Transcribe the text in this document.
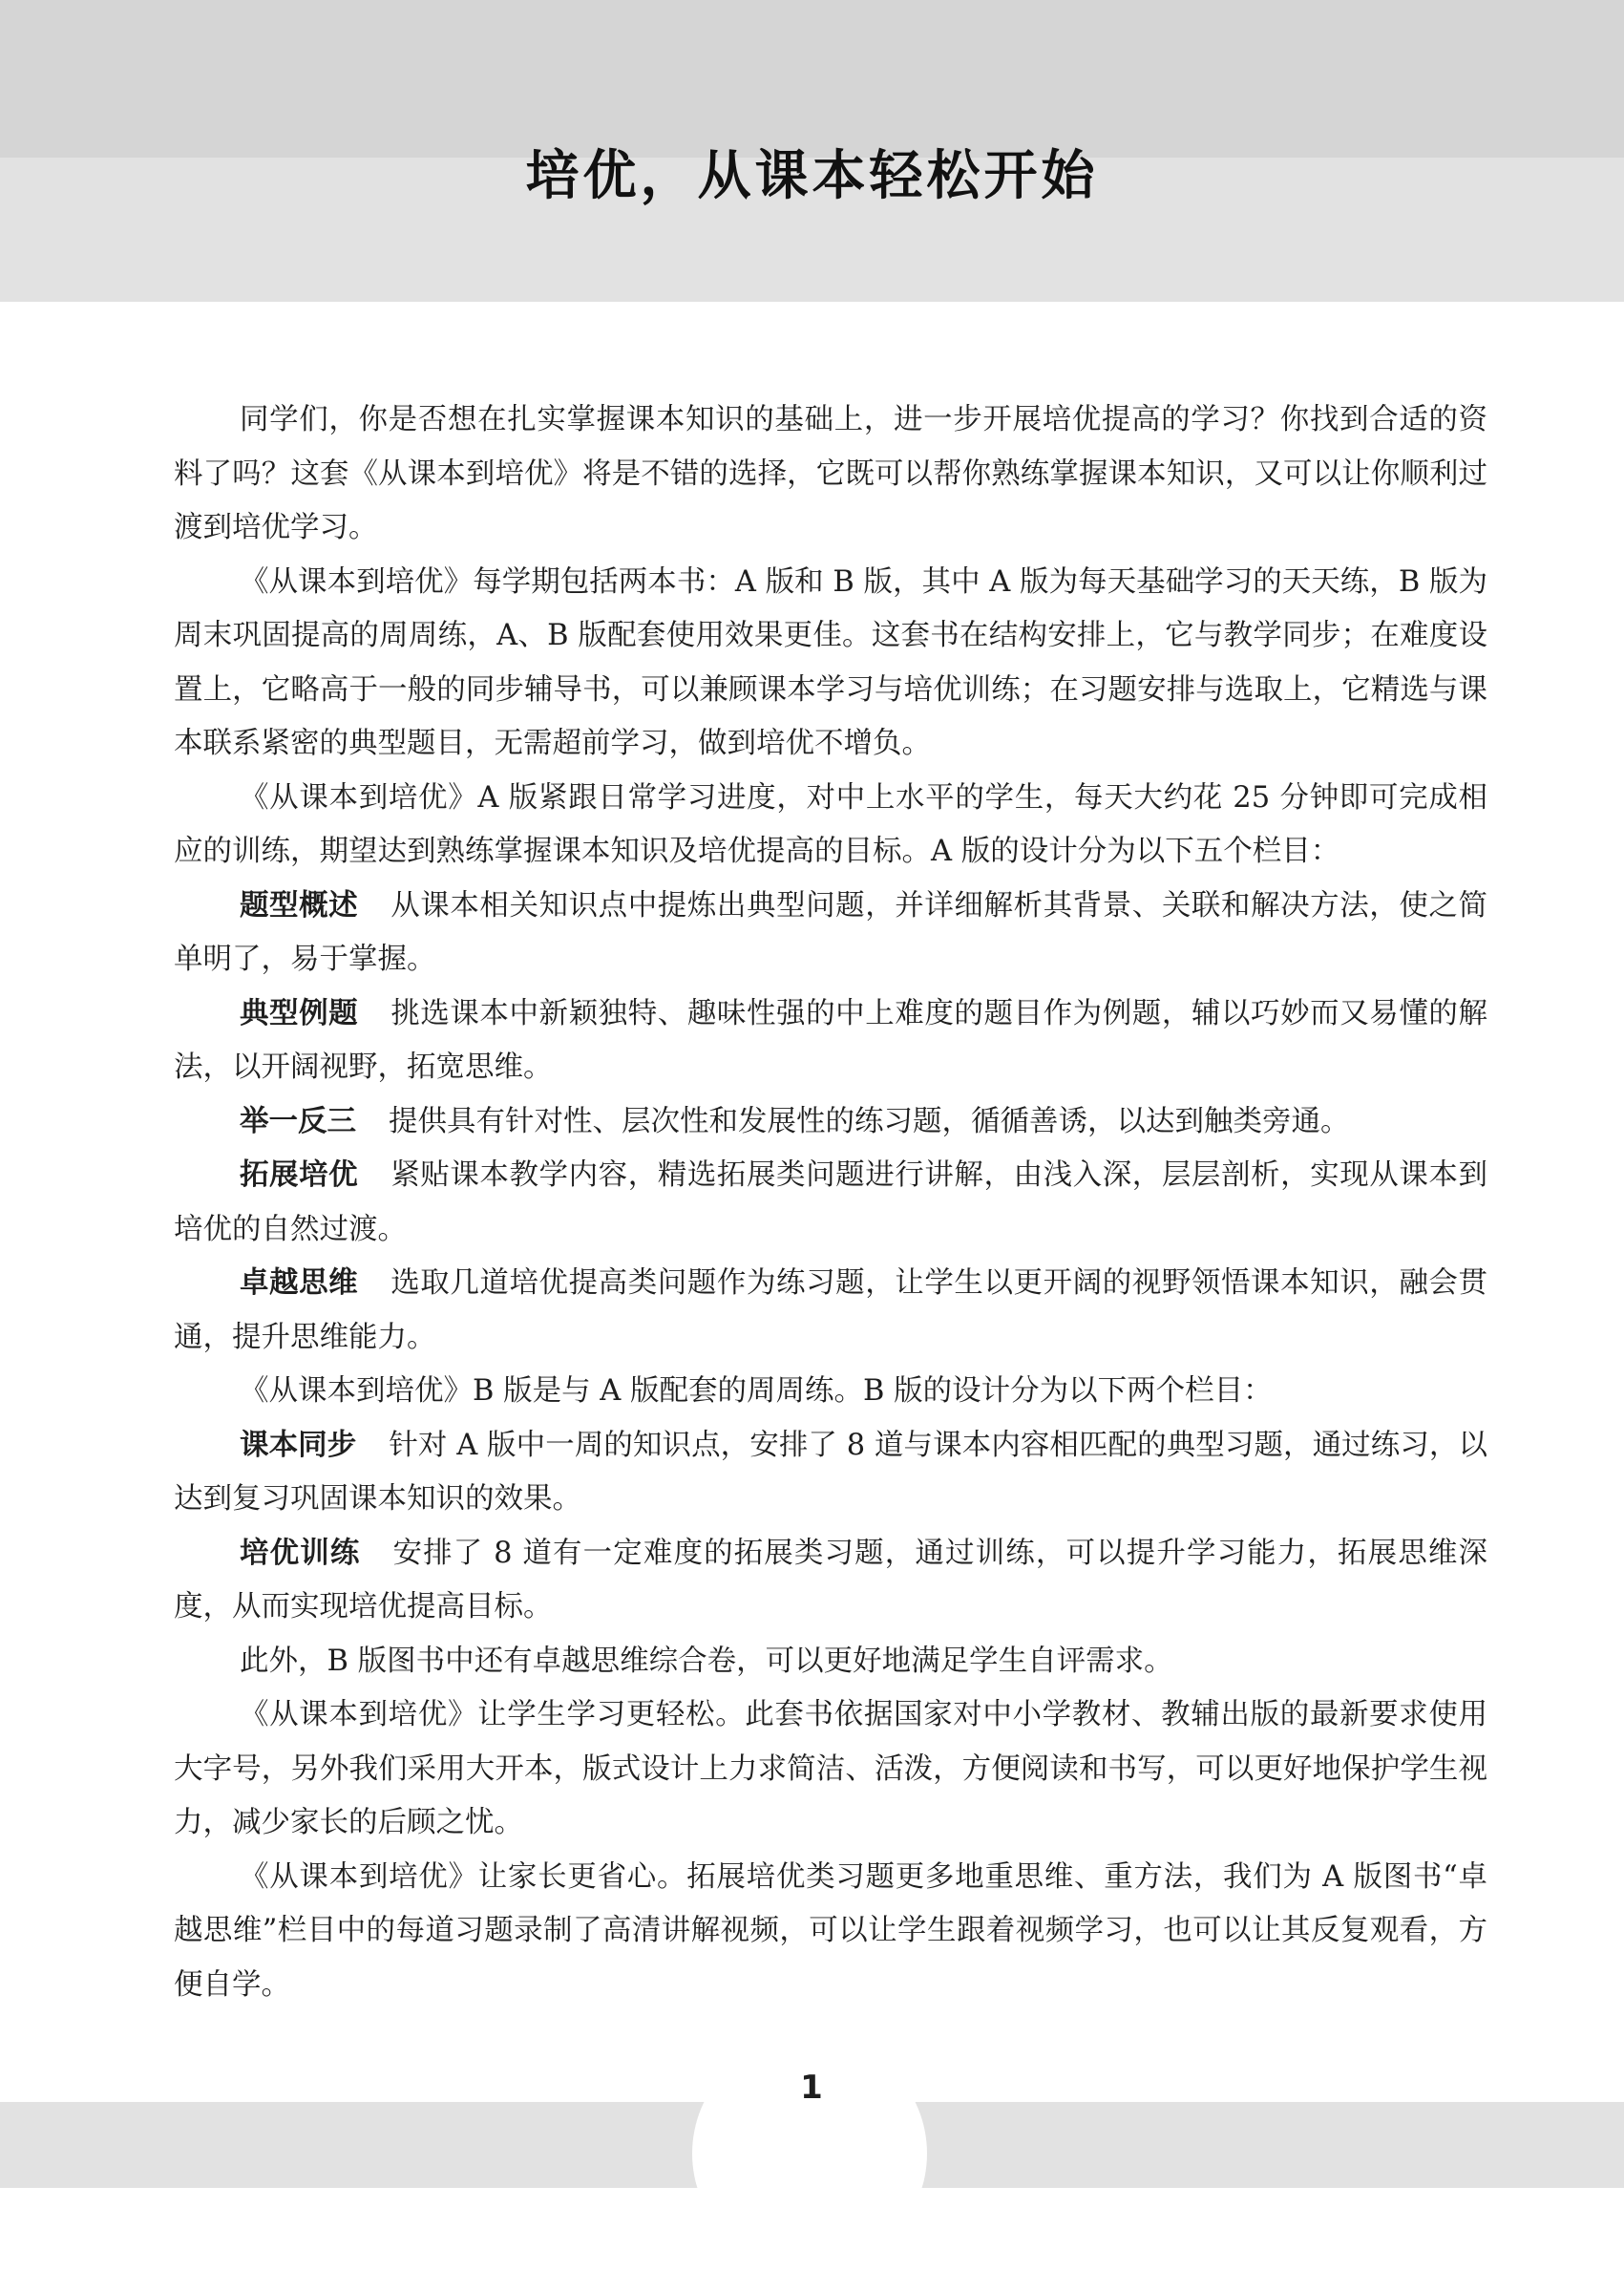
培优，从课本轻松开始

同学们，你是否想在扎实掌握课本知识的基础上，进一步开展培优提高的学习？你找到合适的资料了吗？这套《从课本到培优》将是不错的选择，它既可以帮你熟练掌握课本知识，又可以让你顺利过渡到培优学习。

《从课本到培优》每学期包括两本书：A 版和 B 版，其中 A 版为每天基础学习的天天练，B 版为周末巩固提高的周周练，A、B 版配套使用效果更佳。这套书在结构安排上，它与教学同步；在难度设置上，它略高于一般的同步辅导书，可以兼顾课本学习与培优训练；在习题安排与选取上，它精选与课本联系紧密的典型题目，无需超前学习，做到培优不增负。

《从课本到培优》A 版紧跟日常学习进度，对中上水平的学生，每天大约花 25 分钟即可完成相应的训练，期望达到熟练掌握课本知识及培优提高的目标。A 版的设计分为以下五个栏目：

题型概述 从课本相关知识点中提炼出典型问题，并详细解析其背景、关联和解决方法，使之简单明了，易于掌握。

典型例题 挑选课本中新颖独特、趣味性强的中上难度的题目作为例题，辅以巧妙而又易懂的解法，以开阔视野，拓宽思维。

举一反三 提供具有针对性、层次性和发展性的练习题，循循善诱，以达到触类旁通。

拓展培优 紧贴课本教学内容，精选拓展类问题进行讲解，由浅入深，层层剖析，实现从课本到培优的自然过渡。

卓越思维 选取几道培优提高类问题作为练习题，让学生以更开阔的视野领悟课本知识，融会贯通，提升思维能力。

《从课本到培优》B 版是与 A 版配套的周周练。B 版的设计分为以下两个栏目：

课本同步 针对 A 版中一周的知识点，安排了 8 道与课本内容相匹配的典型习题，通过练习，以达到复习巩固课本知识的效果。

培优训练 安排了 8 道有一定难度的拓展类习题，通过训练，可以提升学习能力，拓展思维深度，从而实现培优提高目标。

此外，B 版图书中还有卓越思维综合卷，可以更好地满足学生自评需求。

《从课本到培优》让学生学习更轻松。此套书依据国家对中小学教材、教辅出版的最新要求使用大字号，另外我们采用大开本，版式设计上力求简洁、活泼，方便阅读和书写，可以更好地保护学生视力，减少家长的后顾之忧。

《从课本到培优》让家长更省心。拓展培优类习题更多地重思维、重方法，我们为 A 版图书“卓越思维”栏目中的每道习题录制了高清讲解视频，可以让学生跟着视频学习，也可以让其反复观看，方便自学。

1
